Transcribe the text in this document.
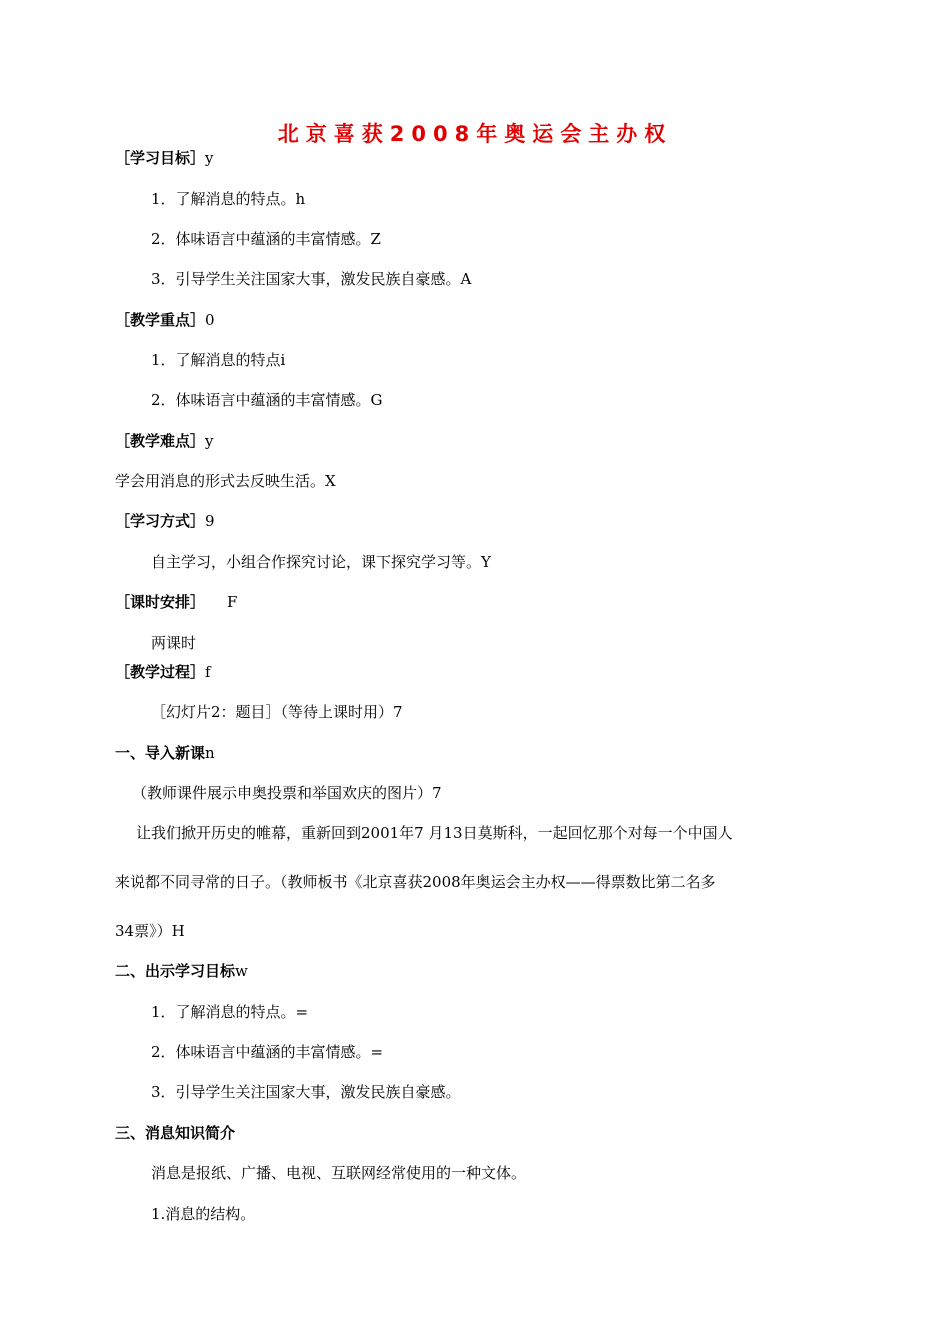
北京喜获2008年奥运会主办权
［学习目标］y
1．了解消息的特点。h
2．体味语言中蕴涵的丰富情感。Z
3．引导学生关注国家大事，激发民族自豪感。A
［教学重点］0
1．了解消息的特点i
2．体味语言中蕴涵的丰富情感。G
［教学难点］y
学会用消息的形式去反映生活。X
［学习方式］9
自主学习，小组合作探究讨论，课下探究学习等。Y
［课时安排］ F
两课时
［教学过程］f
［幻灯片2：题目］（等待上课时用）7
一、导入新课n
（教师课件展示申奥投票和举国欢庆的图片）7
让我们掀开历史的帷幕，重新回到2001年7 月13日莫斯科，一起回忆那个对每一个中国人
来说都不同寻常的日子。（教师板书《北京喜获2008年奥运会主办权——得票数比第二名多
34票》）H
二、出示学习目标w
1．了解消息的特点。=
2．体味语言中蕴涵的丰富情感。=
3．引导学生关注国家大事，激发民族自豪感。
三、消息知识简介
消息是报纸、广播、电视、互联网经常使用的一种文体。
1.消息的结构。
